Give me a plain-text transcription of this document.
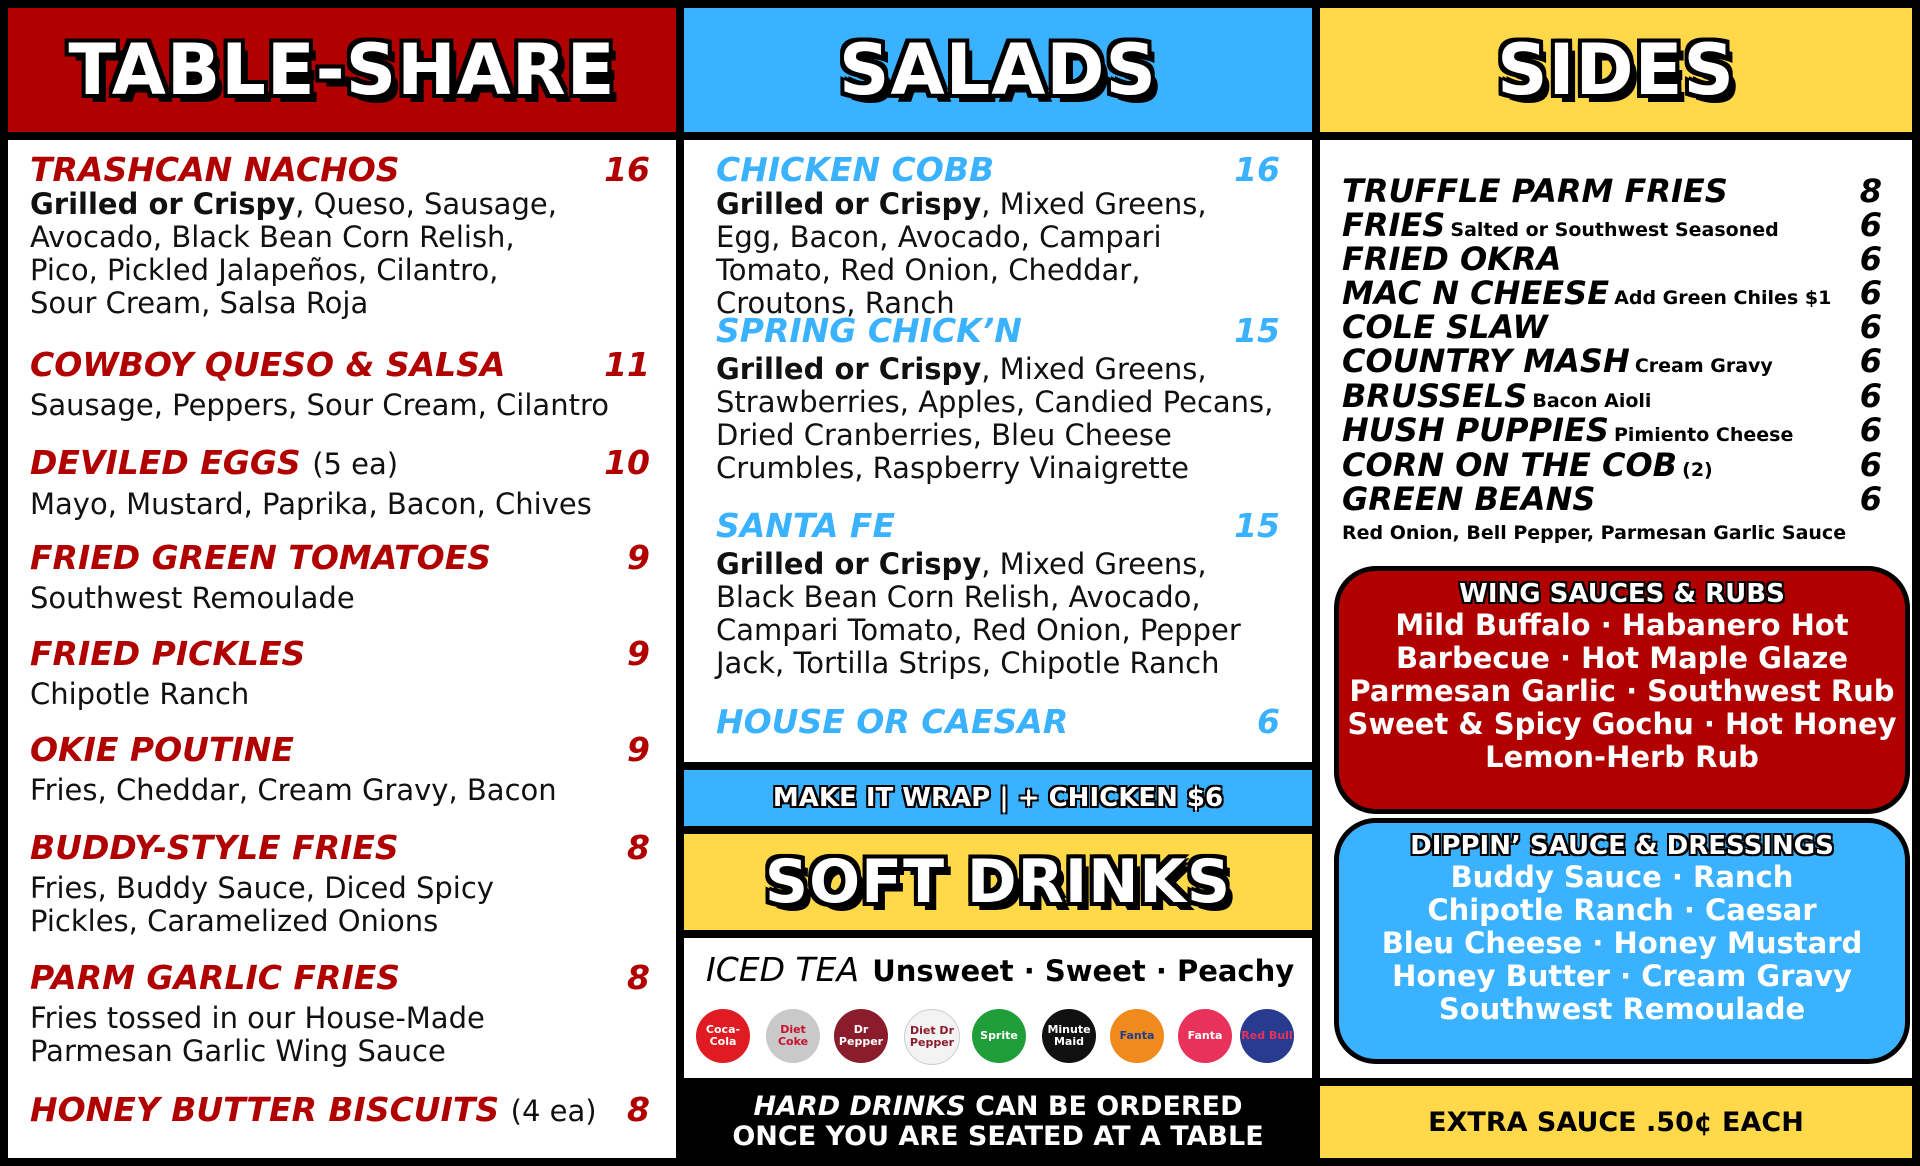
TABLE-SHARE	SALADS	SIDES
TRASHCAN NACHOS	16
Grilled or Crispy, Queso, Sausage, Avocado, Black Bean Corn Relish, Pico, Pickled Jalapeños, Cilantro, Sour Cream, Salsa Roja
COWBOY QUESO & SALSA	11
Sausage, Peppers, Sour Cream, Cilantro
DEVILED EGGS (5 ea)	10
Mayo, Mustard, Paprika, Bacon, Chives
FRIED GREEN TOMATOES	9
Southwest Remoulade
FRIED PICKLES	9
Chipotle Ranch
OKIE POUTINE	9
Fries, Cheddar, Cream Gravy, Bacon
BUDDY-STYLE FRIES	8
Fries, Buddy Sauce, Diced Spicy Pickles, Caramelized Onions
PARM GARLIC FRIES	8
Fries tossed in our House-Made Parmesan Garlic Wing Sauce
HONEY BUTTER BISCUITS (4 ea) 8
CHICKEN COBB	16
Grilled or Crispy, Mixed Greens, Egg, Bacon, Avocado, Campari Tomato, Red Onion, Cheddar, Croutons, Ranch
SPRING CHICK’N	15
Grilled or Crispy, Mixed Greens, Strawberries, Apples, Candied Pecans, Dried Cranberries, Bleu Cheese Crumbles, Raspberry Vinaigrette
SANTA FE	15
Grilled or Crispy, Mixed Greens, Black Bean Corn Relish, Avocado, Campari Tomato, Red Onion, Pepper Jack, Tortilla Strips, Chipotle Ranch
HOUSE OR CAESAR	6
MAKE IT WRAP | + CHICKEN $6
SOFT DRINKS
ICED TEA Unsweet · Sweet · Peachy
Coca-Cola
Diet Coke
Dr Pepper
Diet Dr Pepper
Sprite	Minute Maid	Fanta	Fanta	Red Bull
HARD DRINKS CAN BE ORDERED
ONCE YOU ARE SEATED AT A TABLE
TRUFFLE PARM FRIES	8
FRIES Salted or Southwest Seasoned	6
FRIED OKRA	6
MAC N CHEESE Add Green Chiles $1 6
COLE SLAW	6
COUNTRY MASH Cream Gravy	6
BRUSSELS Bacon Aioli	6
HUSH PUPPIES Pimiento Cheese 6
CORN ON THE COB (2)	6
GREEN BEANS	6
Red Onion, Bell Pepper, Parmesan Garlic Sauce
WING SAUCES & RUBS
Mild Buffalo · Habanero Hot
Barbecue · Hot Maple Glaze
Parmesan Garlic · Southwest Rub
Sweet & Spicy Gochu · Hot Honey
Lemon-Herb Rub
DIPPIN’ SAUCE & DRESSINGS
Buddy Sauce · Ranch
Chipotle Ranch · Caesar
Bleu Cheese · Honey Mustard
Honey Butter · Cream Gravy
Southwest Remoulade
EXTRA SAUCE .50¢ EACH
